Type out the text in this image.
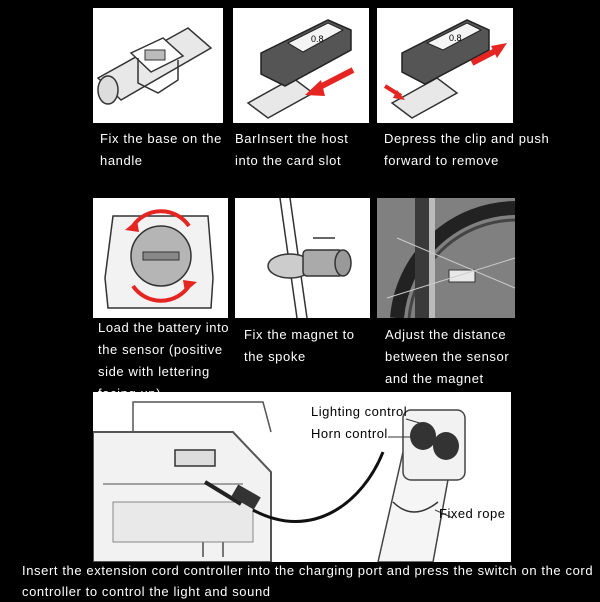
Fix the base on the handle
0.8
BarInsert the host into the card slot
0.8
Depress the clip and push forward to remove
Load the battery into the sensor (positive side with lettering
Fix the magnet to the spoke
Adjust the distance between the sensor and the magnet
Lighting control
Horn control
Fixed rope
Insert the extension cord controller into the charging port and press the switch on the cord controller to control the light and sound
